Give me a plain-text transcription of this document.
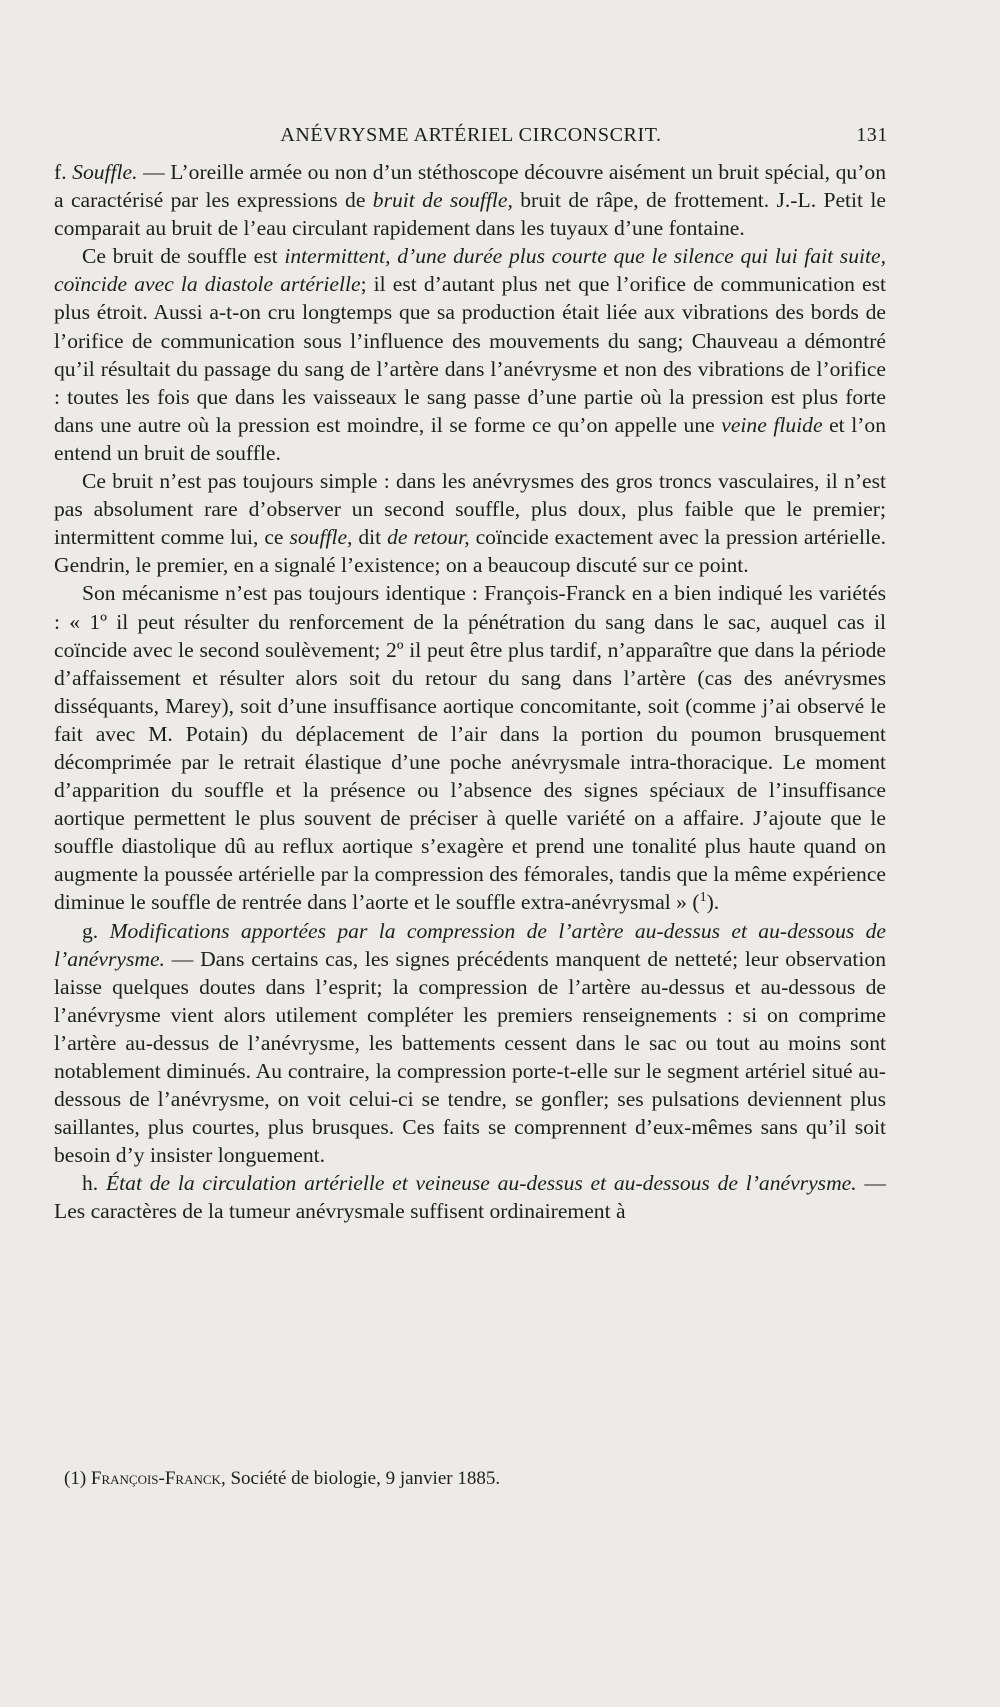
ANÉVRYSME ARTÉRIEL CIRCONSCRIT.	131

f. Souffle. — L’oreille armée ou non d’un stéthoscope découvre aisément un bruit spécial, qu’on a caractérisé par les expressions de bruit de souffle, bruit de râpe, de frottement. J.-L. Petit le comparait au bruit de l’eau circulant rapidement dans les tuyaux d’une fontaine.

Ce bruit de souffle est intermittent, d’une durée plus courte que le silence qui lui fait suite, coïncide avec la diastole artérielle; il est d’autant plus net que l’orifice de communication est plus étroit. Aussi a-t-on cru longtemps que sa production était liée aux vibrations des bords de l’orifice de communication sous l’influence des mouvements du sang; Chauveau a démontré qu’il résultait du passage du sang de l’artère dans l’anévrysme et non des vibrations de l’orifice : toutes les fois que dans les vaisseaux le sang passe d’une partie où la pression est plus forte dans une autre où la pression est moindre, il se forme ce qu’on appelle une veine fluide et l’on entend un bruit de souffle.

Ce bruit n’est pas toujours simple : dans les anévrysmes des gros troncs vasculaires, il n’est pas absolument rare d’observer un second souffle, plus doux, plus faible que le premier; intermittent comme lui, ce souffle, dit de retour, coïncide exactement avec la pression artérielle. Gendrin, le premier, en a signalé l’existence; on a beaucoup discuté sur ce point.

Son mécanisme n’est pas toujours identique : François-Franck en a bien indiqué les variétés : « 1º il peut résulter du renforcement de la pénétration du sang dans le sac, auquel cas il coïncide avec le second soulèvement; 2º il peut être plus tardif, n’apparaître que dans la période d’affaissement et résulter alors soit du retour du sang dans l’artère (cas des anévrysmes disséquants, Marey), soit d’une insuffisance aortique concomitante, soit (comme j’ai observé le fait avec M. Potain) du déplacement de l’air dans la portion du poumon brusquement décomprimée par le retrait élastique d’une poche anévrysmale intra-thoracique. Le moment d’apparition du souffle et la présence ou l’absence des signes spéciaux de l’insuffisance aortique permettent le plus souvent de préciser à quelle variété on a affaire. J’ajoute que le souffle diastolique dû au reflux aortique s’exagère et prend une tonalité plus haute quand on augmente la poussée artérielle par la compression des fémorales, tandis que la même expérience diminue le souffle de rentrée dans l’aorte et le souffle extra-anévrysmal » ($^1$).

g. Modifications apportées par la compression de l’artère au-dessus et au-dessous de l’anévrysme. — Dans certains cas, les signes précédents manquent de netteté; leur observation laisse quelques doutes dans l’esprit; la compression de l’artère au-dessus et au-dessous de l’anévrysme vient alors utilement compléter les premiers renseignements : si on comprime l’artère au-dessus de l’anévrysme, les battements cessent dans le sac ou tout au moins sont notablement diminués. Au contraire, la compression porte-t-elle sur le segment artériel situé au-dessous de l’anévrysme, on voit celui-ci se tendre, se gonfler; ses pulsations deviennent plus saillantes, plus courtes, plus brusques. Ces faits se comprennent d’eux-mêmes sans qu’il soit besoin d’y insister longuement.

h. État de la circulation artérielle et veineuse au-dessus et au-dessous de l’anévrysme. — Les caractères de la tumeur anévrysmale suffisent ordinairement à

(1) François-Franck, Société de biologie, 9 janvier 1885.
